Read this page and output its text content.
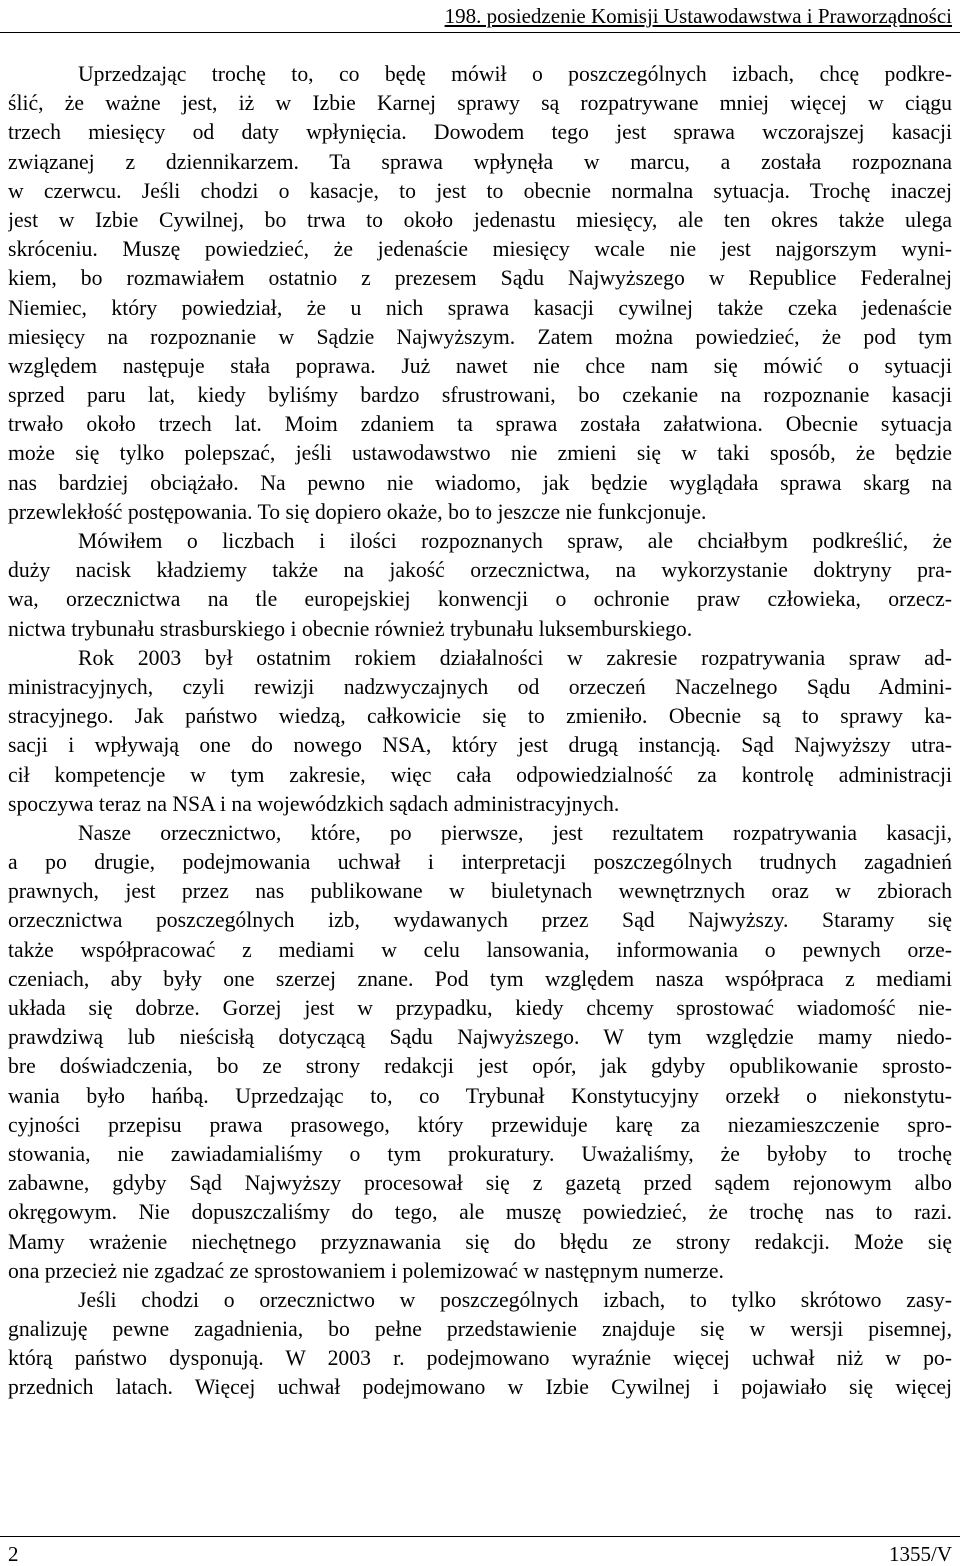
198. posiedzenie Komisji Ustawodawstwa i Praworządności
Uprzedzając trochę to, co będę mówił o poszczególnych izbach, chcę podkre-
ślić, że ważne jest, iż w Izbie Karnej sprawy są rozpatrywane mniej więcej w ciągu
trzech miesięcy od daty wpłynięcia. Dowodem tego jest sprawa wczorajszej kasacji
związanej z dziennikarzem. Ta sprawa wpłynęła w marcu, a została rozpoznana
w czerwcu. Jeśli chodzi o kasacje, to jest to obecnie normalna sytuacja. Trochę inaczej
jest w Izbie Cywilnej, bo trwa to około jedenastu miesięcy, ale ten okres także ulega
skróceniu. Muszę powiedzieć, że jedenaście miesięcy wcale nie jest najgorszym wyni-
kiem, bo rozmawiałem ostatnio z prezesem Sądu Najwyższego w Republice Federalnej
Niemiec, który powiedział, że u nich sprawa kasacji cywilnej także czeka jedenaście
miesięcy na rozpoznanie w Sądzie Najwyższym. Zatem można powiedzieć, że pod tym
względem następuje stała poprawa. Już nawet nie chce nam się mówić o sytuacji
sprzed paru lat, kiedy byliśmy bardzo sfrustrowani, bo czekanie na rozpoznanie kasacji
trwało około trzech lat. Moim zdaniem ta sprawa została załatwiona. Obecnie sytuacja
może się tylko polepszać, jeśli ustawodawstwo nie zmieni się w taki sposób, że będzie
nas bardziej obciążało. Na pewno nie wiadomo, jak będzie wyglądała sprawa skarg na
przewlekłość postępowania. To się dopiero okaże, bo to jeszcze nie funkcjonuje.
Mówiłem o liczbach i ilości rozpoznanych spraw, ale chciałbym podkreślić, że
duży nacisk kładziemy także na jakość orzecznictwa, na wykorzystanie doktryny pra-
wa, orzecznictwa na tle europejskiej konwencji o ochronie praw człowieka, orzecz-
nictwa trybunału strasburskiego i obecnie również trybunału luksemburskiego.
Rok 2003 był ostatnim rokiem działalności w zakresie rozpatrywania spraw ad-
ministracyjnych, czyli rewizji nadzwyczajnych od orzeczeń Naczelnego Sądu Admini-
stracyjnego. Jak państwo wiedzą, całkowicie się to zmieniło. Obecnie są to sprawy ka-
sacji i wpływają one do nowego NSA, który jest drugą instancją. Sąd Najwyższy utra-
cił kompetencje w tym zakresie, więc cała odpowiedzialność za kontrolę administracji
spoczywa teraz na NSA i na wojewódzkich sądach administracyjnych.
Nasze orzecznictwo, które, po pierwsze, jest rezultatem rozpatrywania kasacji,
a po drugie, podejmowania uchwał i interpretacji poszczególnych trudnych zagadnień
prawnych, jest przez nas publikowane w biuletynach wewnętrznych oraz w zbiorach
orzecznictwa poszczególnych izb, wydawanych przez Sąd Najwyższy. Staramy się
także współpracować z mediami w celu lansowania, informowania o pewnych orze-
czeniach, aby były one szerzej znane. Pod tym względem nasza współpraca z mediami
układa się dobrze. Gorzej jest w przypadku, kiedy chcemy sprostować wiadomość nie-
prawdziwą lub nieścisłą dotyczącą Sądu Najwyższego. W tym względzie mamy niedo-
bre doświadczenia, bo ze strony redakcji jest opór, jak gdyby opublikowanie sprosto-
wania było hańbą. Uprzedzając to, co Trybunał Konstytucyjny orzekł o niekonstytu-
cyjności przepisu prawa prasowego, który przewiduje karę za niezamieszczenie spro-
stowania, nie zawiadamialiśmy o tym prokuratury. Uważaliśmy, że byłoby to trochę
zabawne, gdyby Sąd Najwyższy procesował się z gazetą przed sądem rejonowym albo
okręgowym. Nie dopuszczaliśmy do tego, ale muszę powiedzieć, że trochę nas to razi.
Mamy wrażenie niechętnego przyznawania się do błędu ze strony redakcji. Może się
ona przecież nie zgadzać ze sprostowaniem i polemizować w następnym numerze.
Jeśli chodzi o orzecznictwo w poszczególnych izbach, to tylko skrótowo zasy-
gnalizuję pewne zagadnienia, bo pełne przedstawienie znajduje się w wersji pisemnej,
którą państwo dysponują. W 2003 r. podejmowano wyraźnie więcej uchwał niż w po-
przednich latach. Więcej uchwał podejmowano w Izbie Cywilnej i pojawiało się więcej
2	1355/V
